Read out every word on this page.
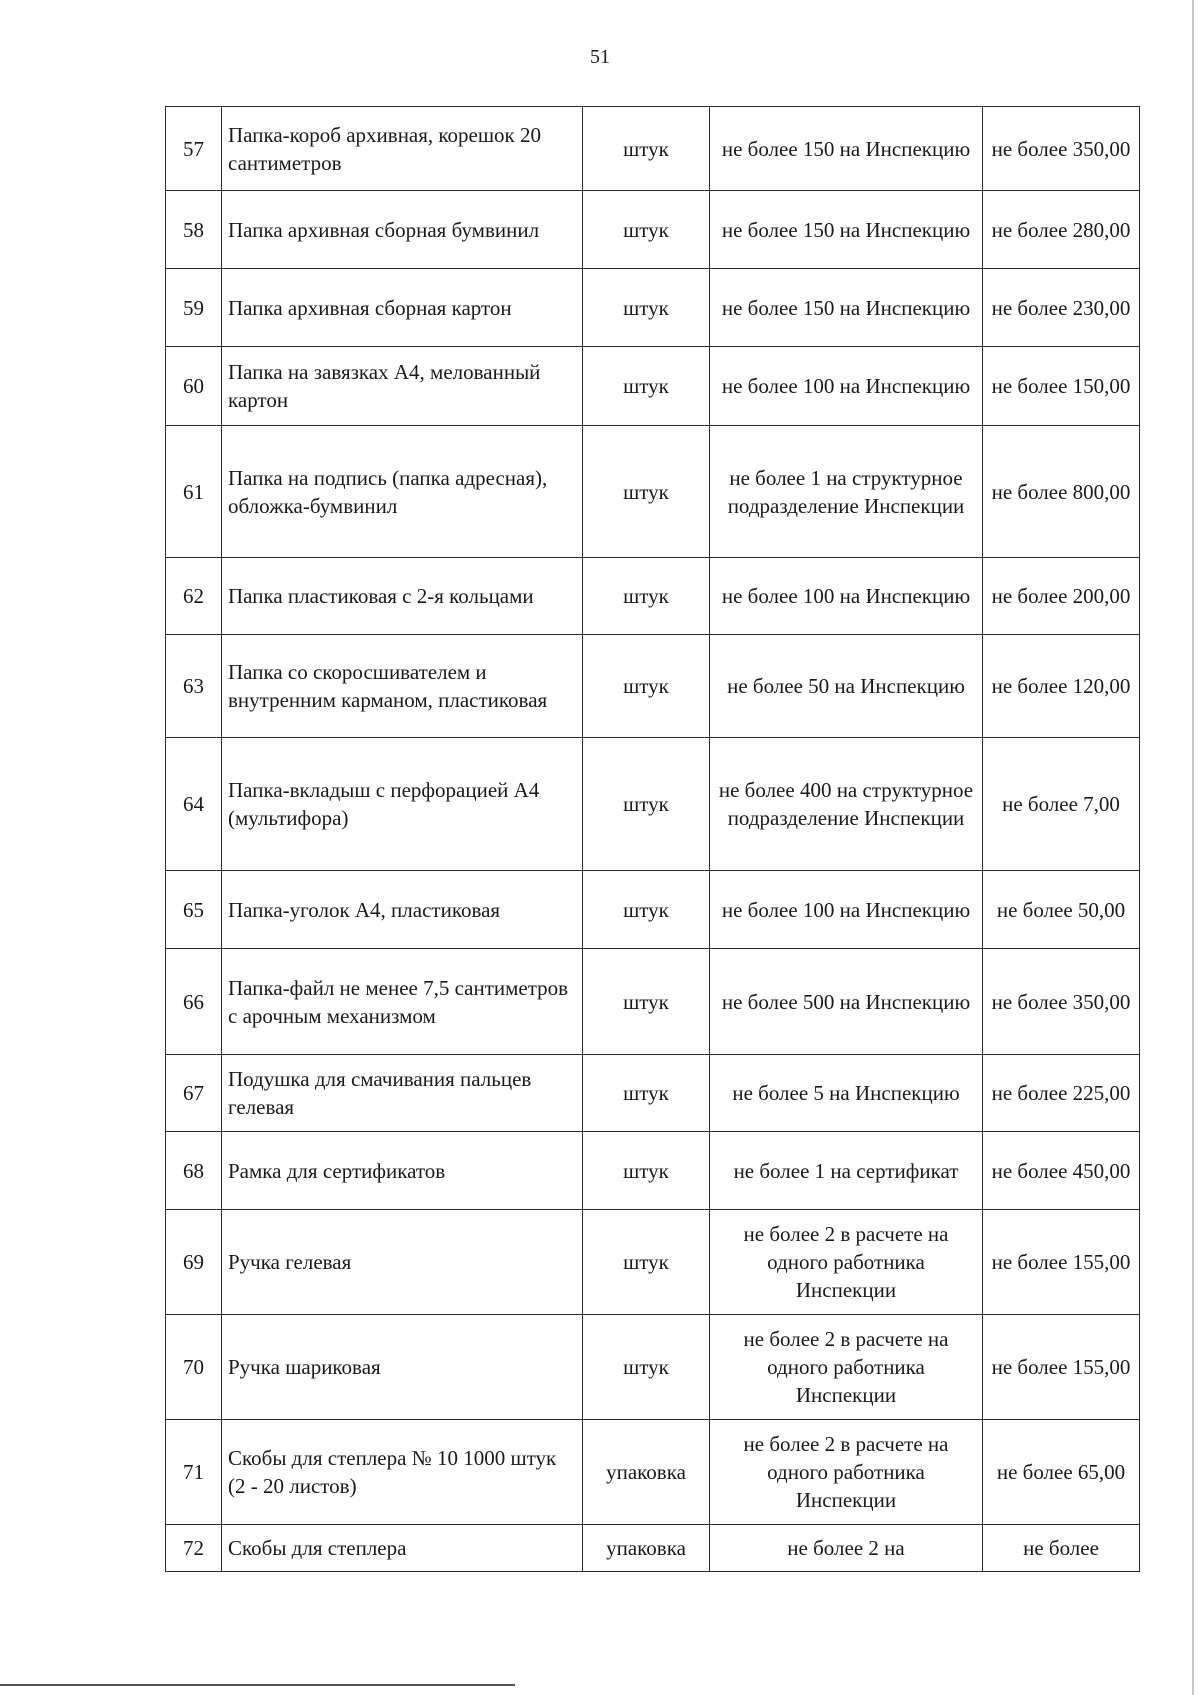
51
57	Папка-короб архивная, корешок 20 сантиметров	штук	не более 150 на Инспекцию	не более 350,00
58	Папка архивная сборная бумвинил	штук	не более 150 на Инспекцию	не более 280,00
59	Папка архивная сборная картон	штук	не более 150 на Инспекцию	не более 230,00
60	Папка на завязках А4, мелованный картон	штук	не более 100 на Инспекцию	не более 150,00
61	Папка на подпись (папка адресная), обложка-бумвинил	штук	не более 1 на структурное подразделение Инспекции	не более 800,00
62	Папка пластиковая с 2-я кольцами	штук	не более 100 на Инспекцию	не более 200,00
63	Папка со скоросшивателем и внутренним карманом, пластиковая	штук	не более 50 на Инспекцию	не более 120,00
64	Папка-вкладыш с перфорацией А4 (мультифора)	штук	не более 400 на структурное подразделение Инспекции	не более 7,00
65	Папка-уголок А4, пластиковая	штук	не более 100 на Инспекцию	не более 50,00
66	Папка-файл не менее 7,5 сантиметров с арочным механизмом	штук	не более 500 на Инспекцию	не более 350,00
67	Подушка для смачивания пальцев гелевая	штук	не более 5 на Инспекцию	не более 225,00
68	Рамка для сертификатов	штук	не более 1 на сертификат	не более 450,00
69	Ручка гелевая	штук	не более 2 в расчете на одного работника Инспекции	не более 155,00
70	Ручка шариковая	штук	не более 2 в расчете на одного работника Инспекции	не более 155,00
71	Скобы для степлера № 10 1000 штук (2 - 20 листов)	упаковка	не более 2 в расчете на одного работника Инспекции	не более 65,00
72	Скобы для степлера	упаковка	не более 2 на	не более
